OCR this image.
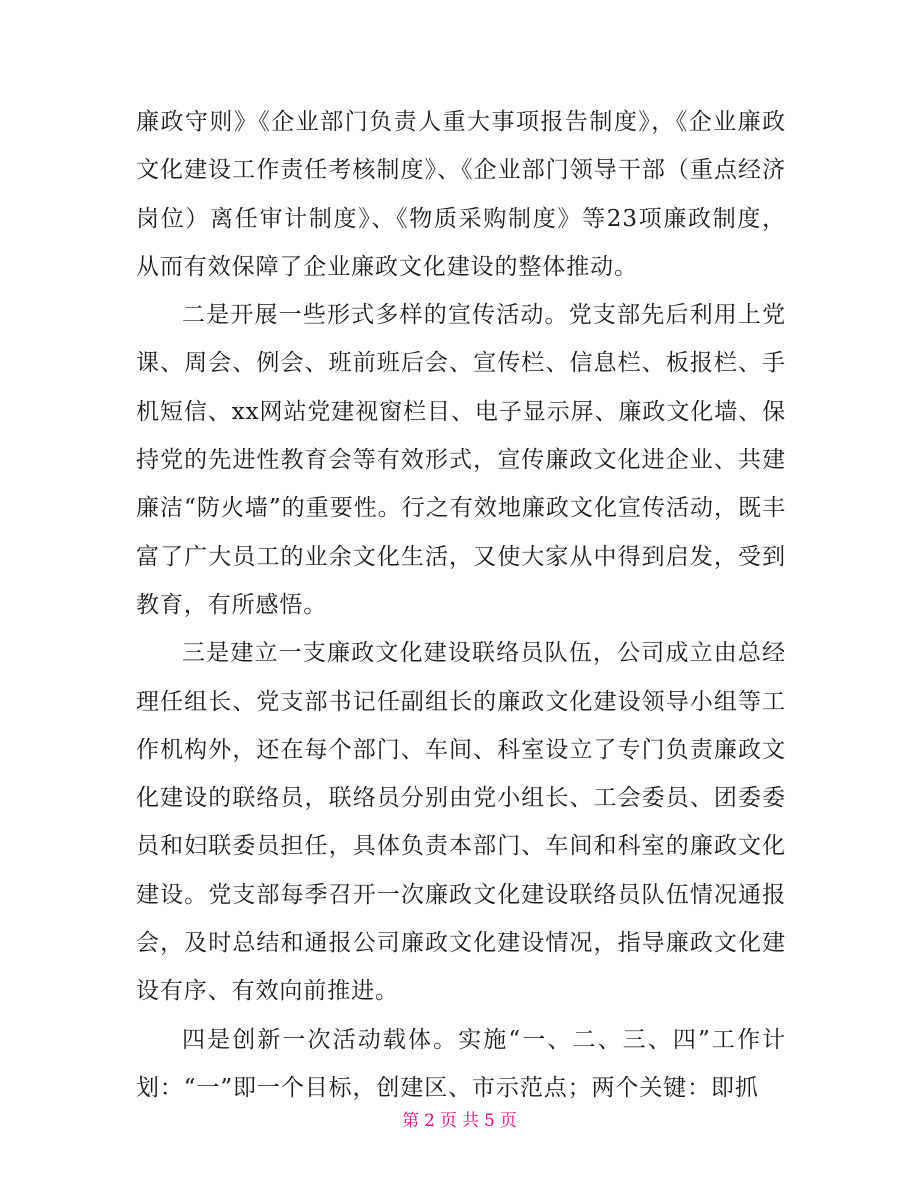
廉政守则》《企业部门负责人重大事项报告制度》，《企业廉政文化建设工作责任考核制度》、《企业部门领导干部（重点经济岗位）离任审计制度》、《物质采购制度》等23项廉政制度，从而有效保障了企业廉政文化建设的整体推动。

二是开展一些形式多样的宣传活动。党支部先后利用上党课、周会、例会、班前班后会、宣传栏、信息栏、板报栏、手机短信、xx网站党建视窗栏目、电子显示屏、廉政文化墙、保持党的先进性教育会等有效形式，宣传廉政文化进企业、共建廉洁“防火墙”的重要性。行之有效地廉政文化宣传活动，既丰富了广大员工的业余文化生活，又使大家从中得到启发，受到教育，有所感悟。

三是建立一支廉政文化建设联络员队伍，公司成立由总经理任组长、党支部书记任副组长的廉政文化建设领导小组等工作机构外，还在每个部门、车间、科室设立了专门负责廉政文化建设的联络员，联络员分别由党小组长、工会委员、团委委员和妇联委员担任，具体负责本部门、车间和科室的廉政文化建设。党支部每季召开一次廉政文化建设联络员队伍情况通报会，及时总结和通报公司廉政文化建设情况，指导廉政文化建设有序、有效向前推进。

四是创新一次活动载体。实施“一、二、三、四”工作计划：“一”即一个目标，创建区、市示范点；两个关键：即抓

第 2 页 共 5 页
